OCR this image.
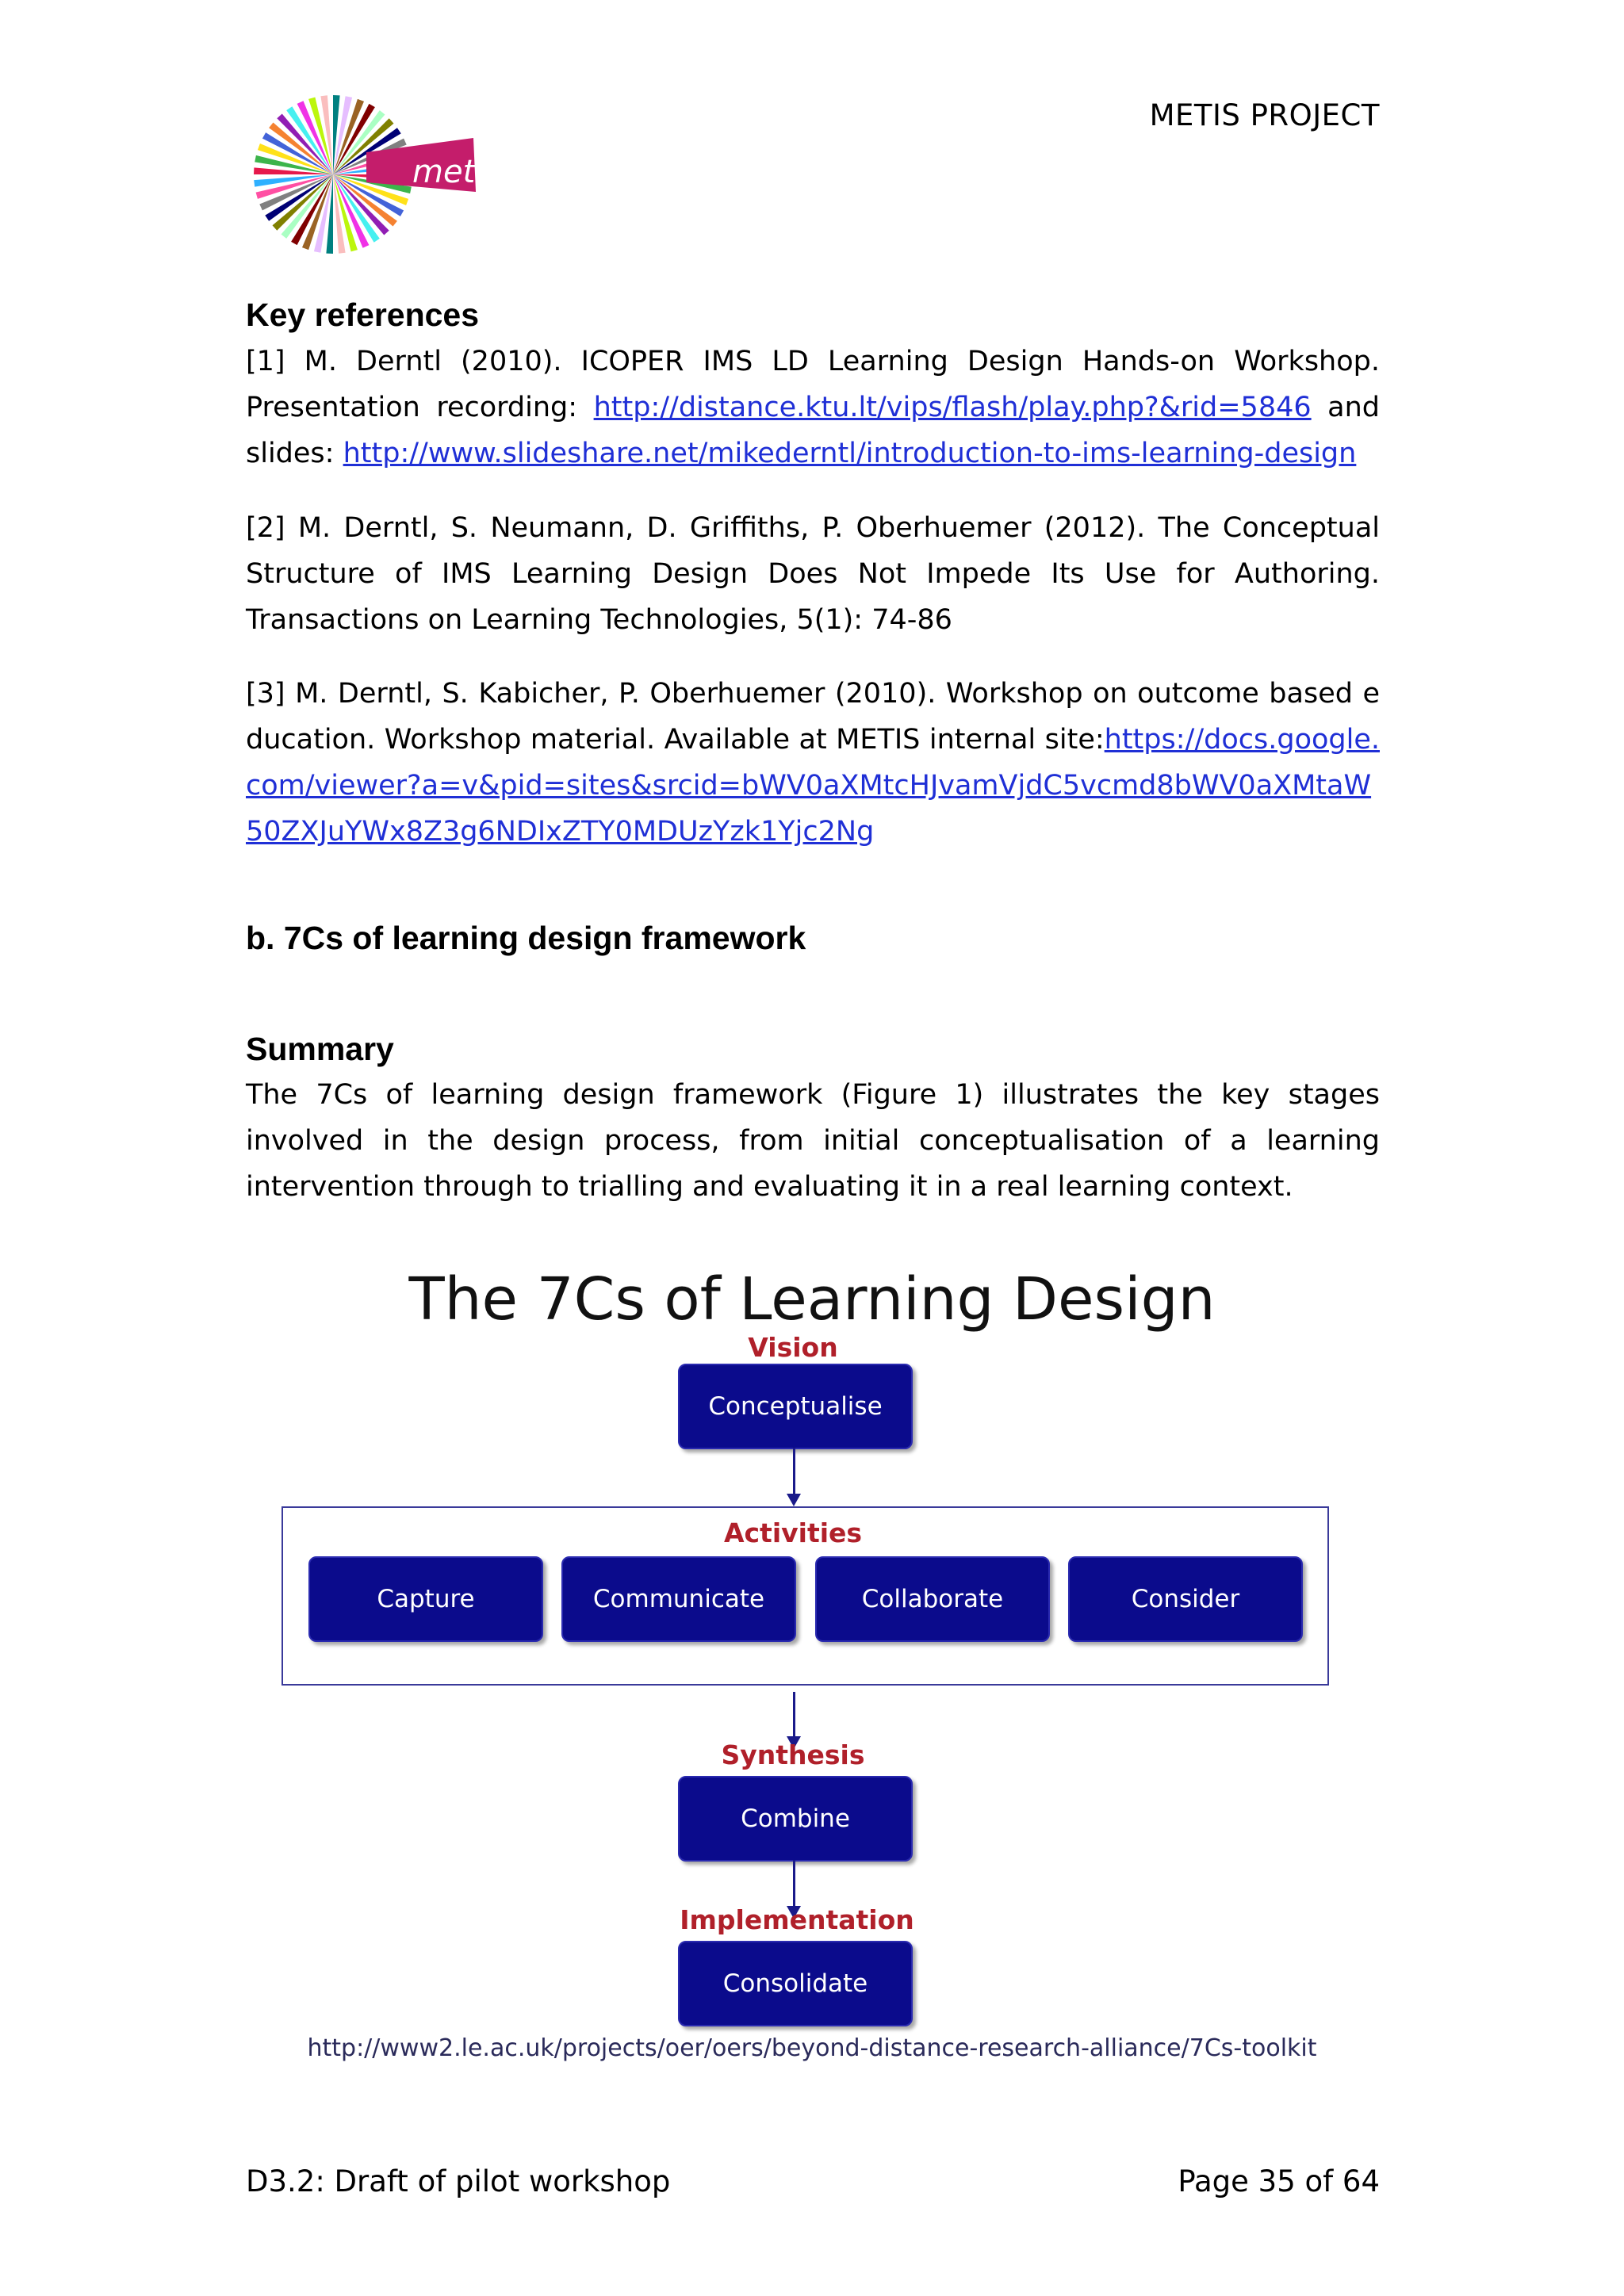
metis
METIS PROJECT
Key references

[1] M. Derntl (2010). ICOPER IMS LD Learning Design Hands-on Workshop. Presentation recording: http://distance.ktu.lt/vips/flash/play.php?&rid=5846 and slides: http://www.slideshare.net/mikederntl/introduction-to-ims-learning-design

[2] M. Derntl, S. Neumann, D. Griffiths, P. Oberhuemer (2012). The Conceptual Structure of IMS Learning Design Does Not Impede Its Use for Authoring. Transactions on Learning Technologies, 5(1): 74-86

[3] M. Derntl, S. Kabicher, P. Oberhuemer (2010). Workshop on outcome based education. Workshop material. Available at METIS internal site:https://docs.google.com/viewer?a=v&pid=sites&srcid=bWV0aXMtcHJvamVjdC5vcmd8bWV0aXMtaW50ZXJuYWx8Z3g6NDIxZTY0MDUzYzk1Yjc2Ng

b. 7Cs of learning design framework
Summary

The 7Cs of learning design framework (Figure 1) illustrates the key stages involved in the design process, from initial conceptualisation of a learning intervention through to trialling and evaluating it in a real learning context.

The 7Cs of Learning Design
Vision
Conceptualise
Activities
Capture	Communicate	Collaborate	Consider
Synthesis
Combine
Implementation
Consolidate
http://www2.le.ac.uk/projects/oer/oers/beyond-distance-research-alliance/7Cs-toolkit
D3.2: Draft of pilot workshop	Page 35 of 64
